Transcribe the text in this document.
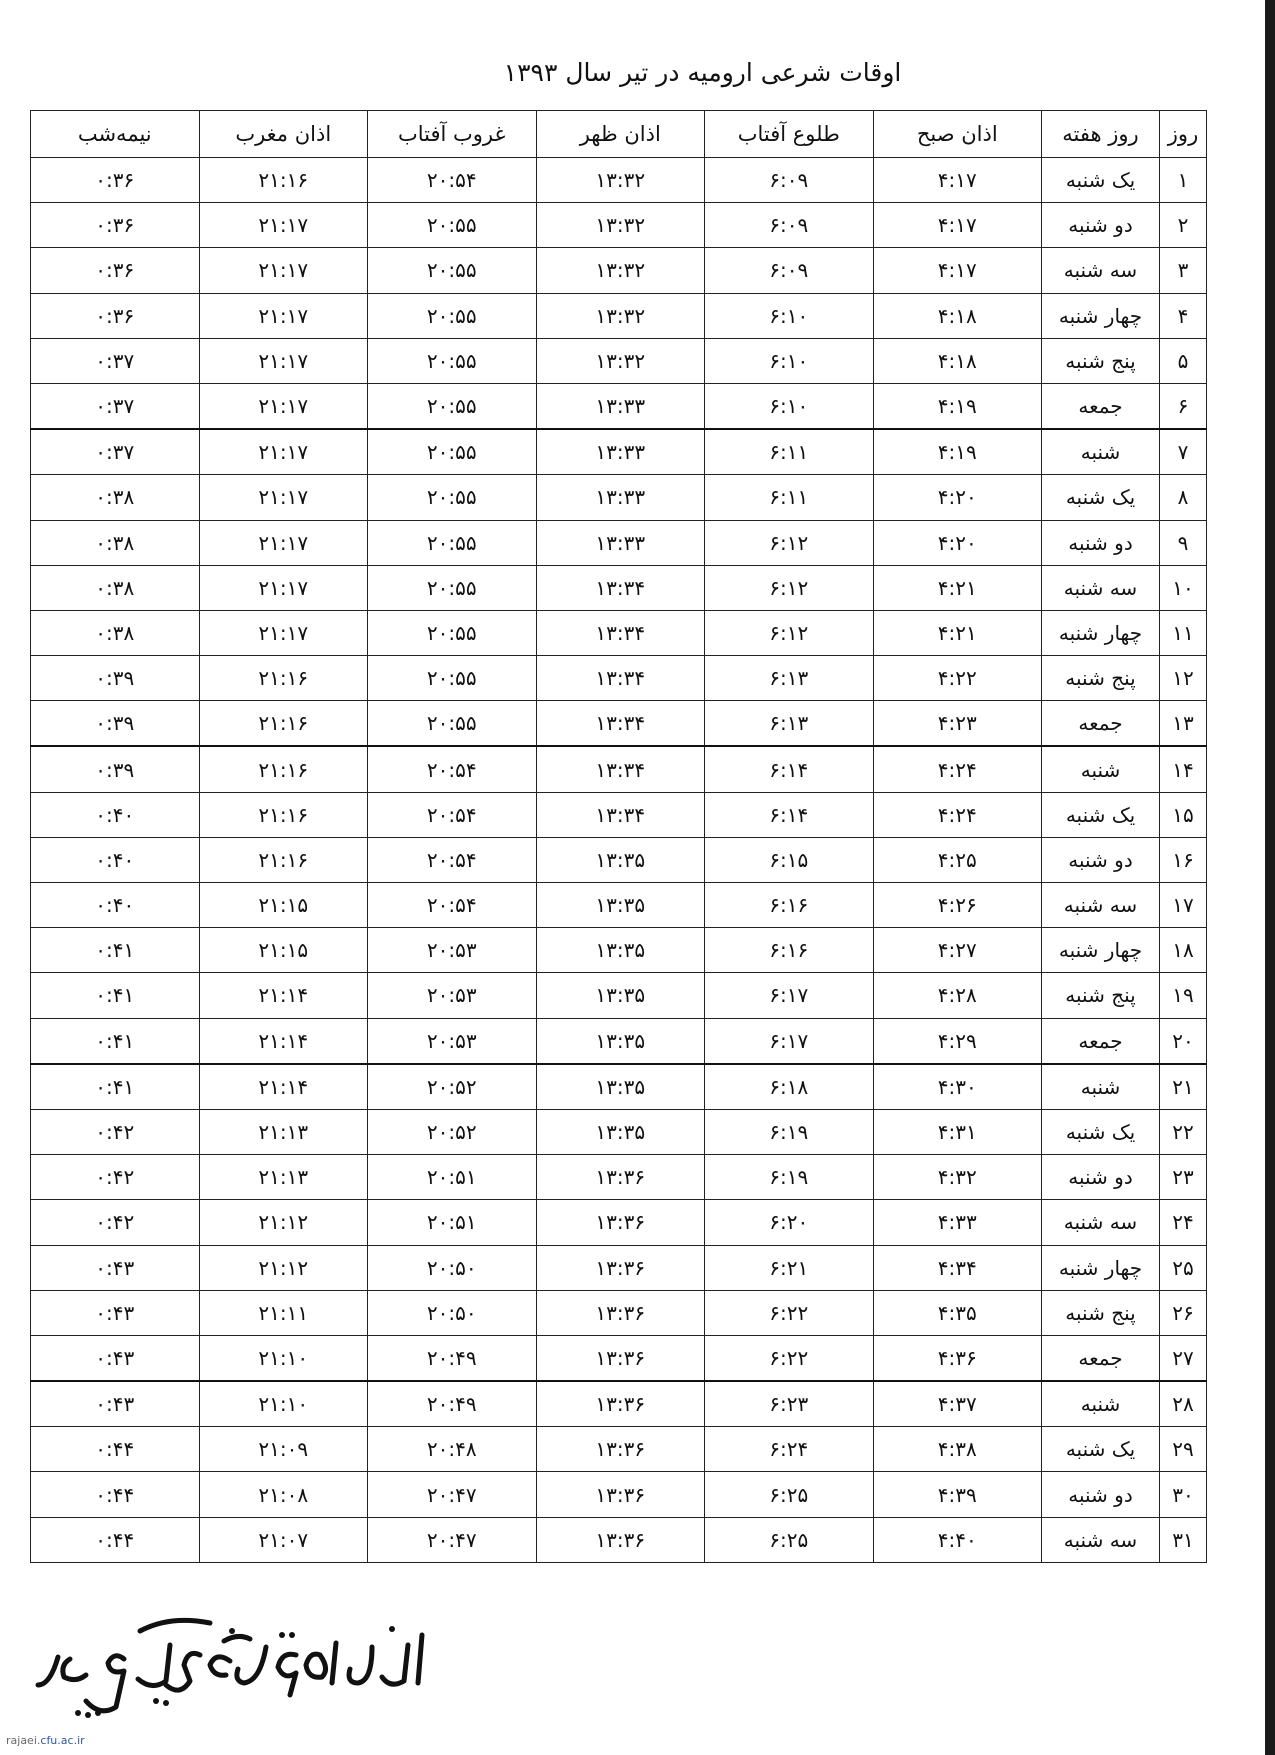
اوقات شرعی ارومیه در تیر سال ۱۳۹۳
روز	روز هفته	اذان صبح	طلوع آفتاب	اذان ظهر	غروب آفتاب	اذان مغرب	نیمه‌شب
۱	یک شنبه	۴:۱۷	۶:۰۹	۱۳:۳۲	۲۰:۵۴	۲۱:۱۶	۰:۳۶
۲	دو شنبه	۴:۱۷	۶:۰۹	۱۳:۳۲	۲۰:۵۵	۲۱:۱۷	۰:۳۶
۳	سه شنبه	۴:۱۷	۶:۰۹	۱۳:۳۲	۲۰:۵۵	۲۱:۱۷	۰:۳۶
۴	چهار شنبه	۴:۱۸	۶:۱۰	۱۳:۳۲	۲۰:۵۵	۲۱:۱۷	۰:۳۶
۵	پنج شنبه	۴:۱۸	۶:۱۰	۱۳:۳۲	۲۰:۵۵	۲۱:۱۷	۰:۳۷
۶	جمعه	۴:۱۹	۶:۱۰	۱۳:۳۳	۲۰:۵۵	۲۱:۱۷	۰:۳۷
۷	شنبه	۴:۱۹	۶:۱۱	۱۳:۳۳	۲۰:۵۵	۲۱:۱۷	۰:۳۷
۸	یک شنبه	۴:۲۰	۶:۱۱	۱۳:۳۳	۲۰:۵۵	۲۱:۱۷	۰:۳۸
۹	دو شنبه	۴:۲۰	۶:۱۲	۱۳:۳۳	۲۰:۵۵	۲۱:۱۷	۰:۳۸
۱۰	سه شنبه	۴:۲۱	۶:۱۲	۱۳:۳۴	۲۰:۵۵	۲۱:۱۷	۰:۳۸
۱۱	چهار شنبه	۴:۲۱	۶:۱۲	۱۳:۳۴	۲۰:۵۵	۲۱:۱۷	۰:۳۸
۱۲	پنج شنبه	۴:۲۲	۶:۱۳	۱۳:۳۴	۲۰:۵۵	۲۱:۱۶	۰:۳۹
۱۳	جمعه	۴:۲۳	۶:۱۳	۱۳:۳۴	۲۰:۵۵	۲۱:۱۶	۰:۳۹
۱۴	شنبه	۴:۲۴	۶:۱۴	۱۳:۳۴	۲۰:۵۴	۲۱:۱۶	۰:۳۹
۱۵	یک شنبه	۴:۲۴	۶:۱۴	۱۳:۳۴	۲۰:۵۴	۲۱:۱۶	۰:۴۰
۱۶	دو شنبه	۴:۲۵	۶:۱۵	۱۳:۳۵	۲۰:۵۴	۲۱:۱۶	۰:۴۰
۱۷	سه شنبه	۴:۲۶	۶:۱۶	۱۳:۳۵	۲۰:۵۴	۲۱:۱۵	۰:۴۰
۱۸	چهار شنبه	۴:۲۷	۶:۱۶	۱۳:۳۵	۲۰:۵۳	۲۱:۱۵	۰:۴۱
۱۹	پنج شنبه	۴:۲۸	۶:۱۷	۱۳:۳۵	۲۰:۵۳	۲۱:۱۴	۰:۴۱
۲۰	جمعه	۴:۲۹	۶:۱۷	۱۳:۳۵	۲۰:۵۳	۲۱:۱۴	۰:۴۱
۲۱	شنبه	۴:۳۰	۶:۱۸	۱۳:۳۵	۲۰:۵۲	۲۱:۱۴	۰:۴۱
۲۲	یک شنبه	۴:۳۱	۶:۱۹	۱۳:۳۵	۲۰:۵۲	۲۱:۱۳	۰:۴۲
۲۳	دو شنبه	۴:۳۲	۶:۱۹	۱۳:۳۶	۲۰:۵۱	۲۱:۱۳	۰:۴۲
۲۴	سه شنبه	۴:۳۳	۶:۲۰	۱۳:۳۶	۲۰:۵۱	۲۱:۱۲	۰:۴۲
۲۵	چهار شنبه	۴:۳۴	۶:۲۱	۱۳:۳۶	۲۰:۵۰	۲۱:۱۲	۰:۴۳
۲۶	پنج شنبه	۴:۳۵	۶:۲۲	۱۳:۳۶	۲۰:۵۰	۲۱:۱۱	۰:۴۳
۲۷	جمعه	۴:۳۶	۶:۲۲	۱۳:۳۶	۲۰:۴۹	۲۱:۱۰	۰:۴۳
۲۸	شنبه	۴:۳۷	۶:۲۳	۱۳:۳۶	۲۰:۴۹	۲۱:۱۰	۰:۴۳
۲۹	یک شنبه	۴:۳۸	۶:۲۴	۱۳:۳۶	۲۰:۴۸	۲۱:۰۹	۰:۴۴
۳۰	دو شنبه	۴:۳۹	۶:۲۵	۱۳:۳۶	۲۰:۴۷	۲۱:۰۸	۰:۴۴
۳۱	سه شنبه	۴:۴۰	۶:۲۵	۱۳:۳۶	۲۰:۴۷	۲۱:۰۷	۰:۴۴
rajaei.cfu.ac.ir
